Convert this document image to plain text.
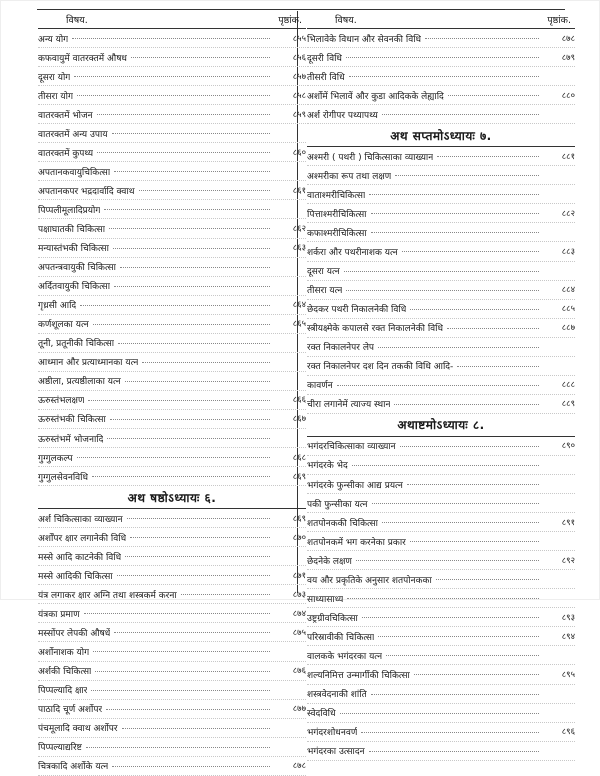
विषय.	पृष्ठांक.
अन्य योग	८५५
कफवायुमें वातरक्तमें औषध	८५६
दूसरा योग	८५७
तीसरा योग	८५८
वातरक्तमें भोजन	८५९
वातरक्तमें अन्य उपाय
वातरक्तमें कुपथ्य	८६०
अपतानकवायुचिकित्सा
अपतानकपर भद्रदार्वादि क्वाथ	८६१
पिप्पलीमूलादिप्रयोग
पक्षाघातकी चिकित्सा	८६२
मन्यास्तंभकी चिकित्सा	८६३
अपतन्त्रवायुकी चिकित्सा
अर्दितवायुकी चिकित्सा
गृध्रसी आदि	८६४
कर्णशूलका यत्न	८६५
तूनी, प्रतूनीकी चिकित्सा
आध्मान और प्रत्याध्मानका यत्न
अष्ठीला, प्रत्यष्ठीलाका यत्न
ऊरुस्तंभलक्षण	८६६
ऊरुस्तंभकी चिकित्सा	८६७
ऊरुस्तंभमें भोजनादि
गुग्गुलकल्प	८६८
गुग्गुलसेवनविधि	८६९
अथ षष्ठोऽध्यायः ६.
अर्श चिकित्साका व्याख्यान	८६९
अर्शोंपर क्षार लगानेकी विधि	८७०
मस्से आदि काटनेकी विधि
मस्से आदिकी चिकित्सा	८७१
यंत्र लगाकर क्षार अग्नि तथा शस्त्रकर्म करना	८७३
यंत्रका प्रमाण	८७४
मस्सोंपर लेपकी औषधें	८७५
अर्शोनाशक योग
अर्शकी चिकित्सा	८७६
पिप्पल्यादि क्षार
पाठादि चूर्ण अर्शोपर	८७७
पंचमूलादि क्वाथ अर्शोपर
पिप्पल्याद्यरिष्ट
चित्रकादि अर्शोके यत्न	८७८
विषय.	पृष्ठांक.
भिलावेके विधान और सेवनकी विधि	८७८
दूसरी विधि	८७९
तीसरी विधि
अर्शोमें भिलावें और कुडा आदिकके लेह्यादि	८८०
अर्श रोगीपर पथ्यापथ्य
अथ सप्तमोऽध्यायः ७.
अश्मरी ( पथरी ) चिकित्साका व्याख्यान	८८१
अश्मरीका रूप तथा लक्षण
वाताश्मरीचिकित्सा
पित्ताश्मरीचिकित्सा	८८२
कफाश्मरीचिकित्सा
शर्करा और पथरीनाशक यत्न	८८३
दूसरा यत्न
तीसरा यत्न	८८४
छेदकर पथरी निकालनेकी विधि	८८५
स्त्रीयक्ष्मेके कपालसे रक्त निकालनेकी विधि	८८७
रक्त निकालनेपर लेप
रक्त निकालनेपर दश दिन तककी विधि आदि-
कावर्णन	८८८
चीरा लगानेमें त्याज्य स्थान	८८९
अथाष्टमोऽध्यायः ८.
भगंदरचिकित्साका व्याख्यान	८९०
भगंदरके भेद
भगंदरके फुन्सीका आद्य प्रयत्न
पकी फुन्सीका यत्न
शतपोनककी चिकित्सा	८९१
शतपोनकमें भग करनेका प्रकार
छेदनेके लक्षण	८९२
वय और प्रकृतिके अनुसार शतपोनकका
साध्यासाध्य
उष्ट्रग्रीवचिकित्सा	८९३
परिस्रावीकी चिकित्सा	८९४
वालकके भगंदरका यत्न
शल्यनिमित्त उन्मार्गीकी चिकित्सा	८९५
शस्त्रवेदनाकी शांति
स्वेदविधि
भगंदरशोधनवर्ण	८९६
भगंदरका उत्सादन
